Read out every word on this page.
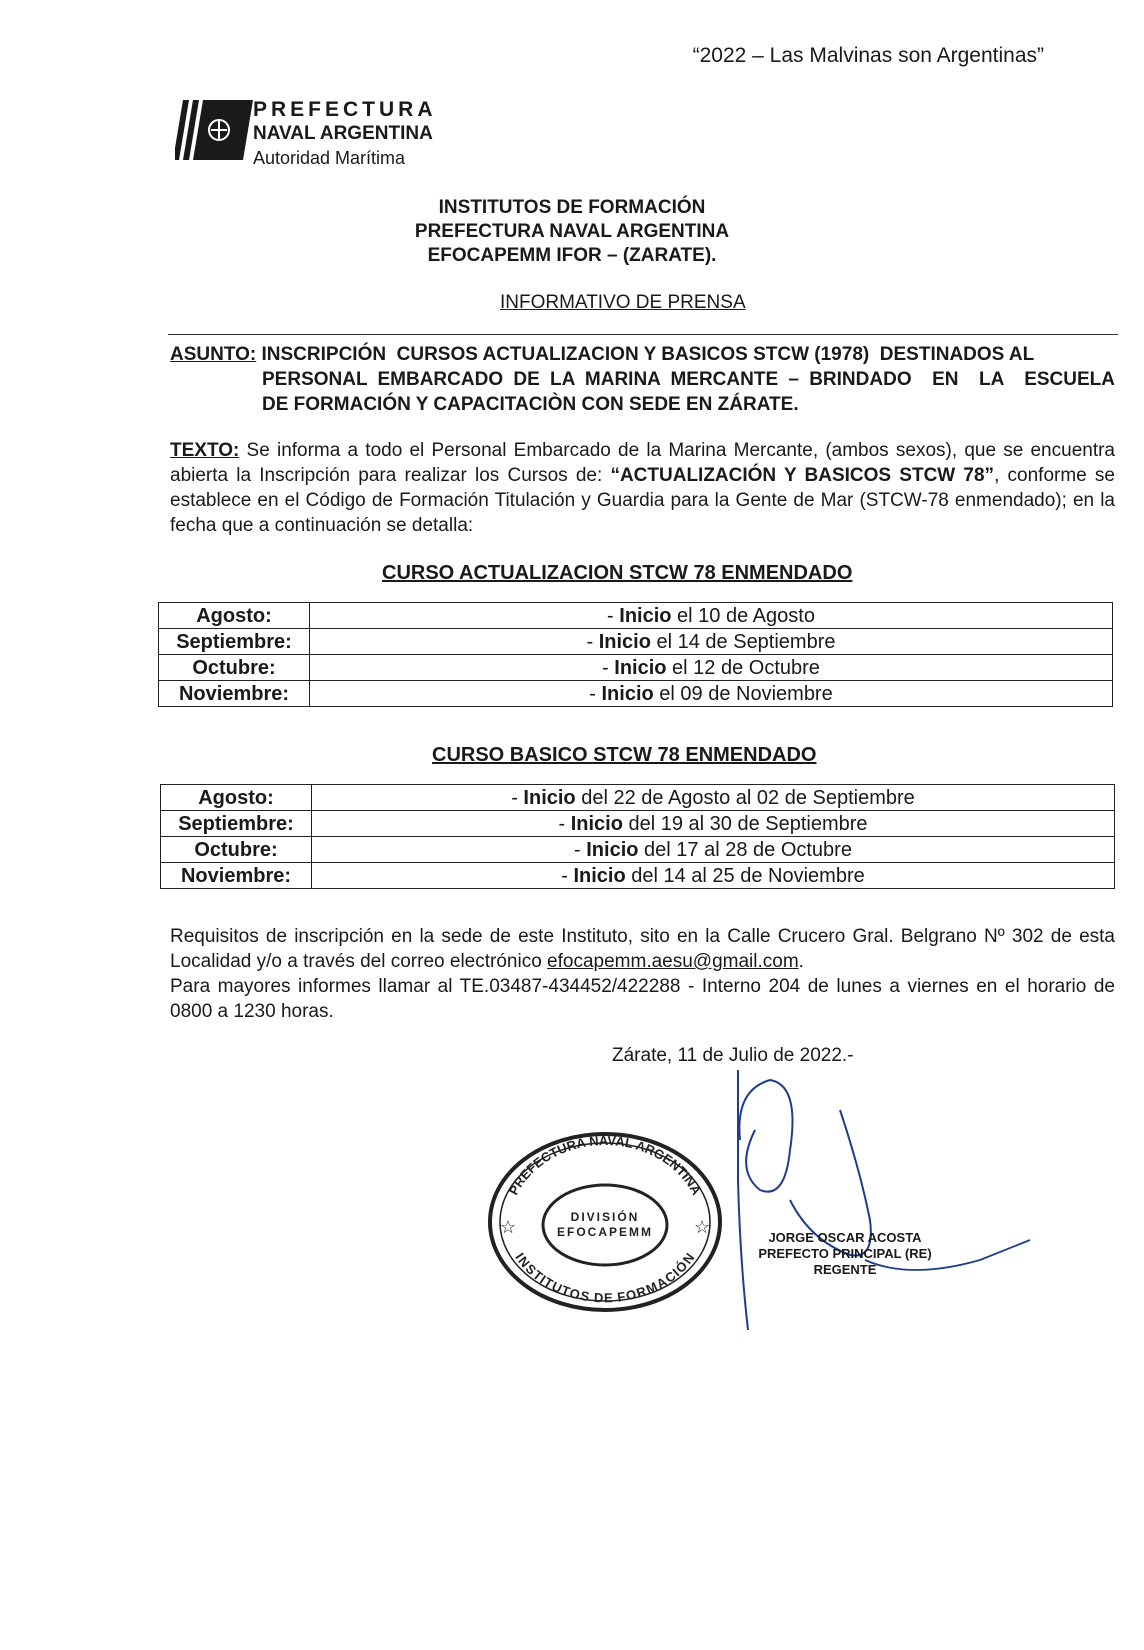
“2022 – Las Malvinas son Argentinas”
PREFECTURA
NAVAL ARGENTINA
Autoridad Marítima
INSTITUTOS DE FORMACIÓN
PREFECTURA NAVAL ARGENTINA
EFOCAPEMM IFOR – (ZARATE).
INFORMATIVO DE PRENSA
ASUNTO: INSCRIPCIÓN  CURSOS ACTUALIZACION Y BASICOS STCW (1978)  DESTINADOS AL
PERSONAL EMBARCADO DE LA MARINA MERCANTE – BRINDADO  EN  LA  ESCUELA
DE FORMACIÓN Y CAPACITACIÒN CON SEDE EN ZÁRATE.
TEXTO: Se informa a todo el Personal Embarcado de la Marina Mercante, (ambos sexos), que se encuentra abierta la Inscripción para realizar los Cursos de: “ACTUALIZACIÓN Y BASICOS STCW 78”, conforme se establece en el Código de Formación Titulación y Guardia para la Gente de Mar (STCW-78 enmendado); en la fecha que a continuación se detalla:
CURSO ACTUALIZACION STCW 78 ENMENDADO
Agosto:	- Inicio el 10 de Agosto
Septiembre:	- Inicio el 14 de Septiembre
Octubre:	- Inicio el 12 de Octubre
Noviembre:	- Inicio el 09 de Noviembre
CURSO BASICO STCW 78 ENMENDADO
Agosto:	- Inicio del 22 de Agosto al 02 de Septiembre
Septiembre:	- Inicio del 19 al 30 de Septiembre
Octubre:	- Inicio del 17 al 28 de Octubre
Noviembre:	- Inicio del 14 al 25 de Noviembre
Requisitos de inscripción en la sede de este Instituto, sito en la Calle Crucero Gral. Belgrano Nº 302 de esta Localidad y/o a través del correo electrónico efocapemm.aesu@gmail.com.
Para mayores informes llamar al TE.03487-434452/422288 - Interno 204 de lunes a viernes en el horario de 0800 a 1230 horas.
Zárate, 11 de Julio de 2022.-
PREFECTURA NAVAL ARGENTINA
INSTITUTOS DE FORMACIÓN
DIVISIÓN
EFOCAPEMM
☆	☆
JORGE OSCAR ACOSTA
PREFECTO PRINCIPAL (RE)
REGENTE
